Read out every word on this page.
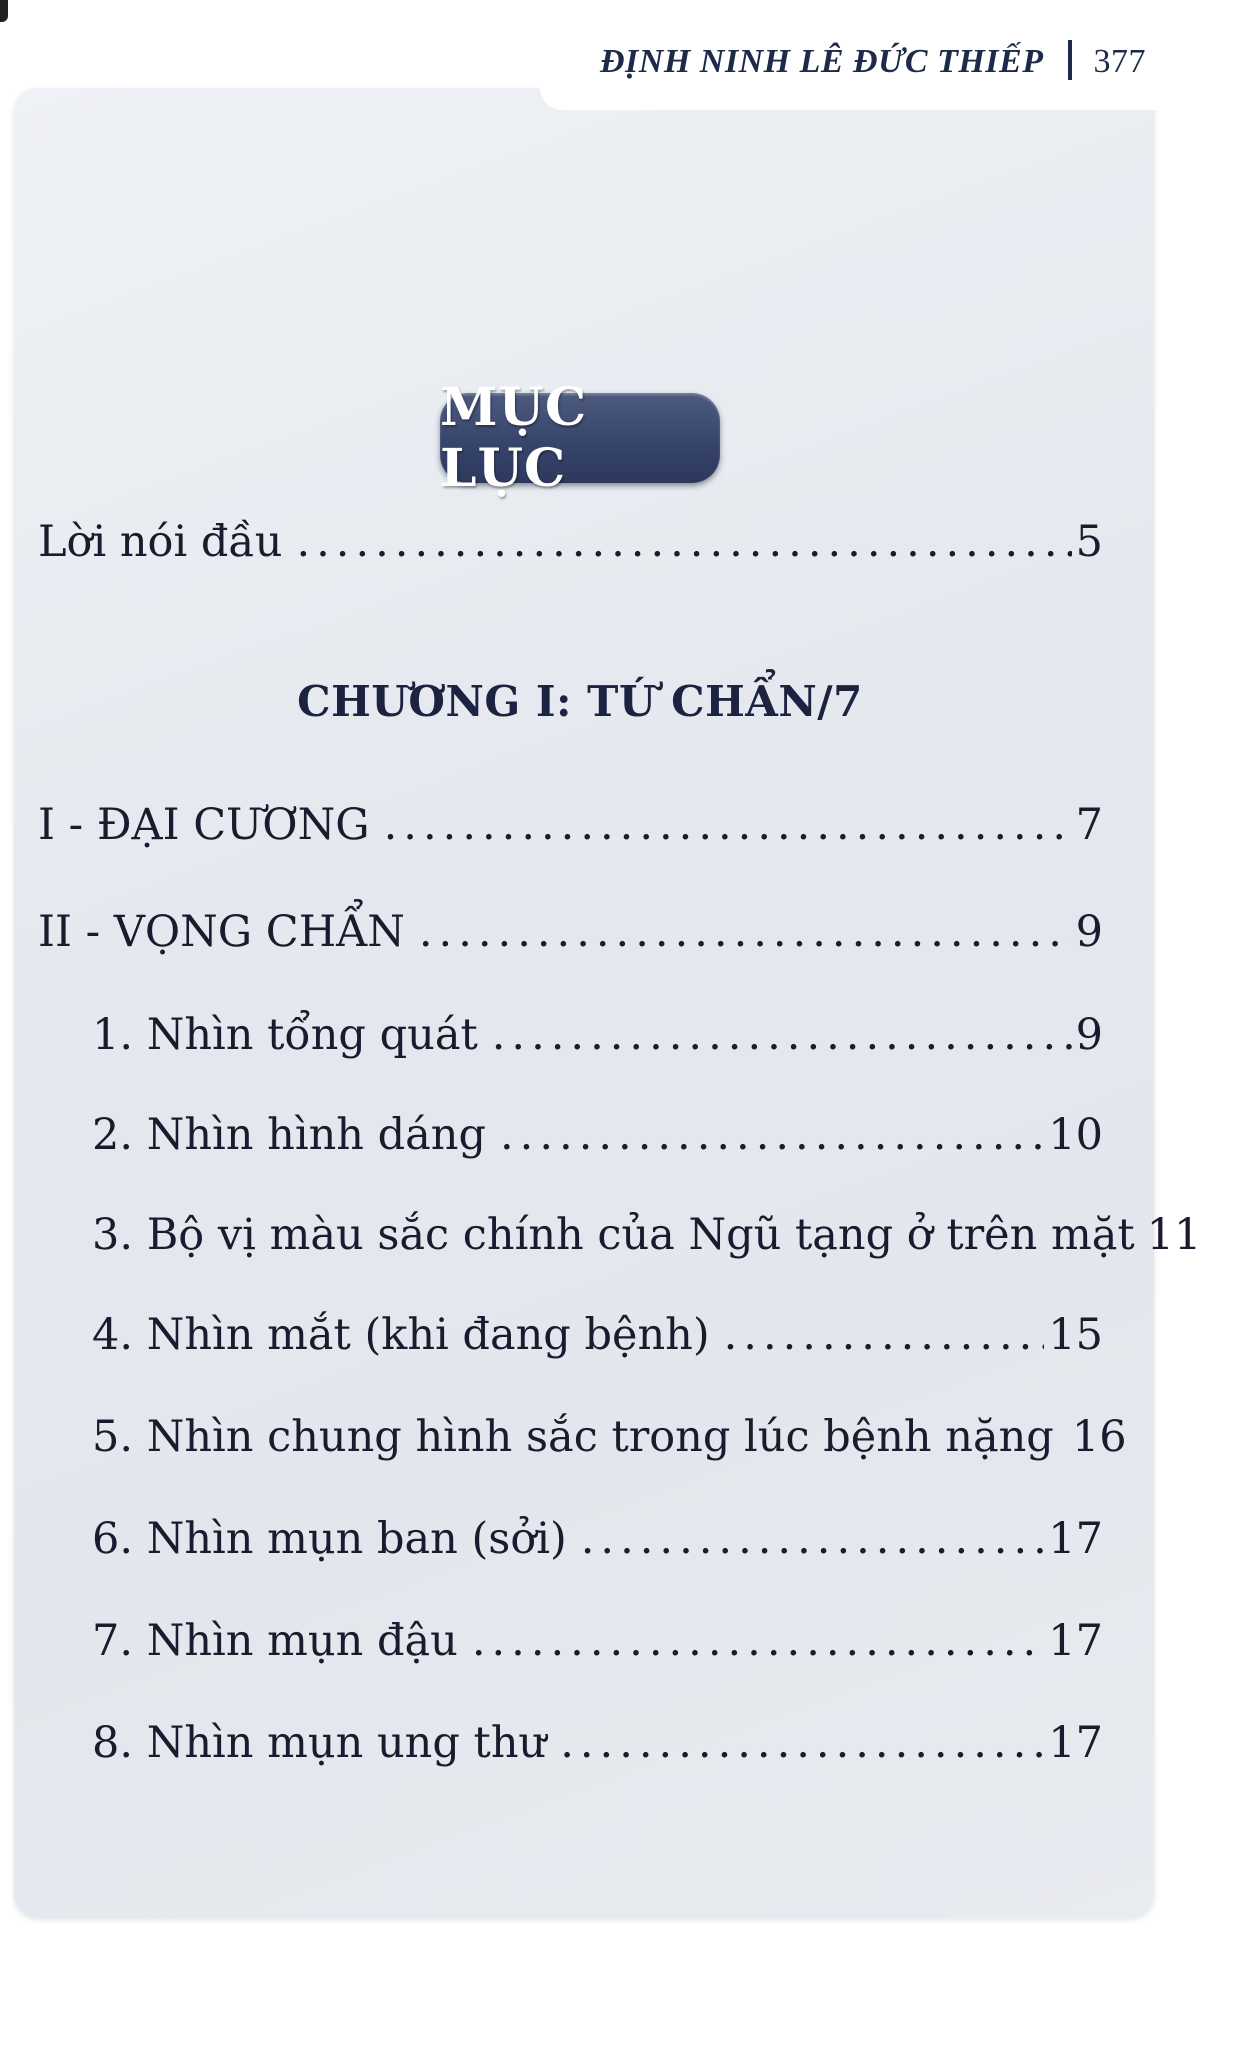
ĐỊNH NINH LÊ ĐỨC THIẾP 377
MỤC LỤC
Lời nói đầu .....	5
CHƯƠNG I: TỨ CHẨN/7
I - ĐẠI CƯƠNG .....	7
II - VỌNG CHẨN .....	9
1. Nhìn tổng quát .....	9
2. Nhìn hình dáng .....	10
3. Bộ vị màu sắc chính của Ngũ tạng ở trên mặt 11
4. Nhìn mắt (khi đang bệnh) .....	15
5. Nhìn chung hình sắc trong lúc bệnh nặng 16
6. Nhìn mụn ban (sởi) .....	17
7. Nhìn mụn đậu .....	17
8. Nhìn mụn ung thư .....	17
